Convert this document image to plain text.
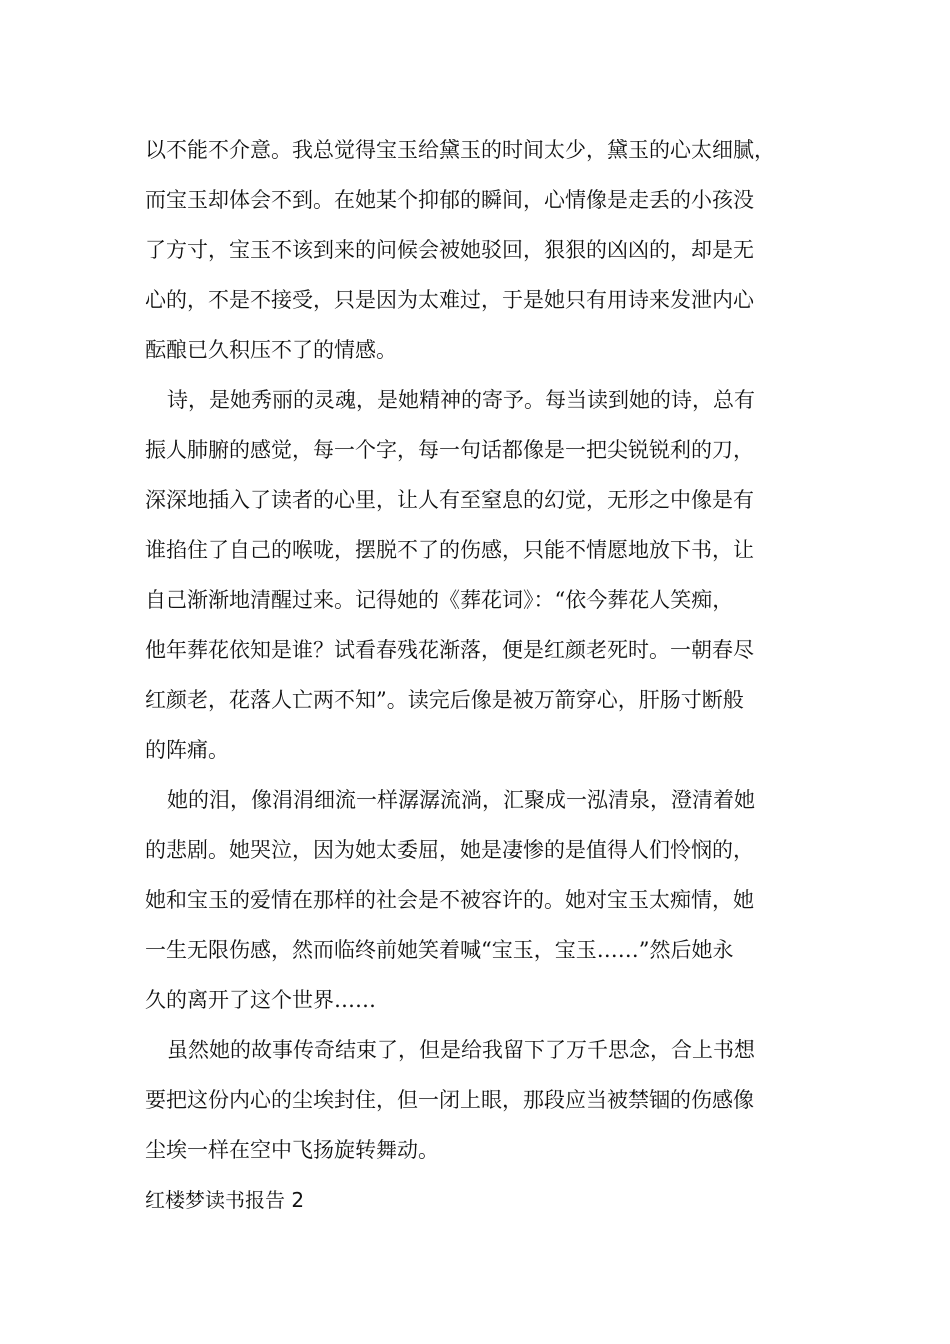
以不能不介意。我总觉得宝玉给黛玉的时间太少，黛玉的心太细腻，
而宝玉却体会不到。在她某个抑郁的瞬间，心情像是走丢的小孩没
了方寸，宝玉不该到来的问候会被她驳回，狠狠的凶凶的，却是无
心的，不是不接受，只是因为太难过，于是她只有用诗来发泄内心
酝酿已久积压不了的情感。
诗，是她秀丽的灵魂，是她精神的寄予。每当读到她的诗，总有
振人肺腑的感觉，每一个字，每一句话都像是一把尖锐锐利的刀，
深深地插入了读者的心里，让人有至窒息的幻觉，无形之中像是有
谁掐住了自己的喉咙，摆脱不了的伤感，只能不情愿地放下书，让
自己渐渐地清醒过来。记得她的《葬花词》：“依今葬花人笑痴，
他年葬花依知是谁？试看春残花渐落，便是红颜老死时。一朝春尽
红颜老，花落人亡两不知”。读完后像是被万箭穿心，肝肠寸断般
的阵痛。
她的泪，像涓涓细流一样潺潺流淌，汇聚成一泓清泉，澄清着她
的悲剧。她哭泣，因为她太委屈，她是凄惨的是值得人们怜悯的，
她和宝玉的爱情在那样的社会是不被容许的。她对宝玉太痴情，她
一生无限伤感，然而临终前她笑着喊“宝玉，宝玉……”然后她永
久的离开了这个世界……
虽然她的故事传奇结束了，但是给我留下了万千思念，合上书想
要把这份内心的尘埃封住，但一闭上眼，那段应当被禁锢的伤感像
尘埃一样在空中飞扬旋转舞动。
红楼梦读书报告 2
